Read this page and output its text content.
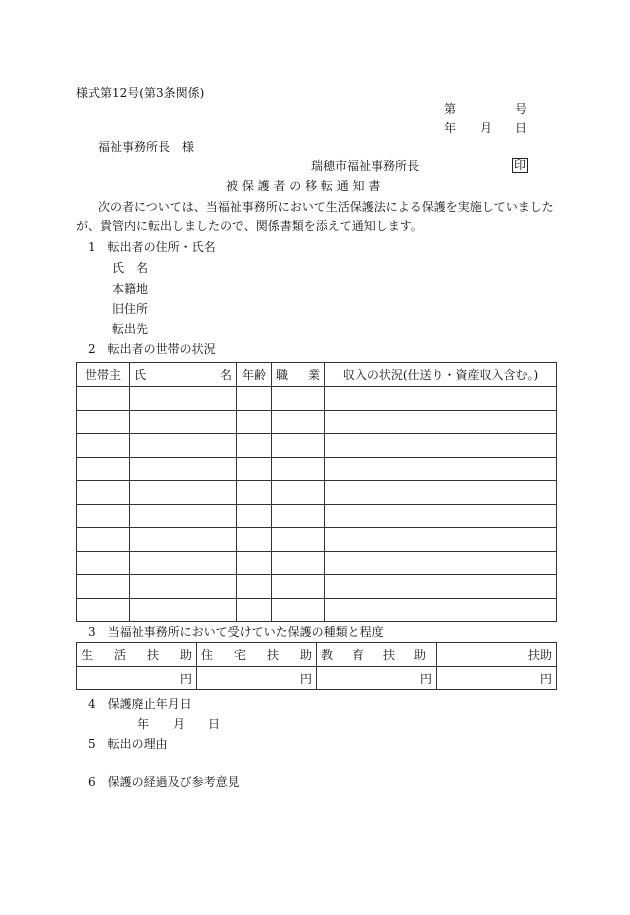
様式第12号(第3条関係)
第	号
年 月 日
福祉事務所長　様
瑞穂市福祉事務所長	印
被 保 護 者 の 移 転 通 知 書
次の者については、当福祉事務所において生活保護法による保護を実施していました
が、貴管内に転出しましたので、関係書類を添えて通知します。
1　転出者の住所・氏名
氏　名
本籍地
旧住所
転出先
2　転出者の世帯の状況
世帯主	氏 名	年齢	職 業	収入の状況(仕送り・資産収入含む。)

3　当福祉事務所において受けていた保護の種類と程度
生 活 扶 助	住 宅 扶 助	教 育 扶 助	扶助
円	円	円	円
4　保護廃止年月日
年 月 日
5　転出の理由
6　保護の経過及び参考意見
